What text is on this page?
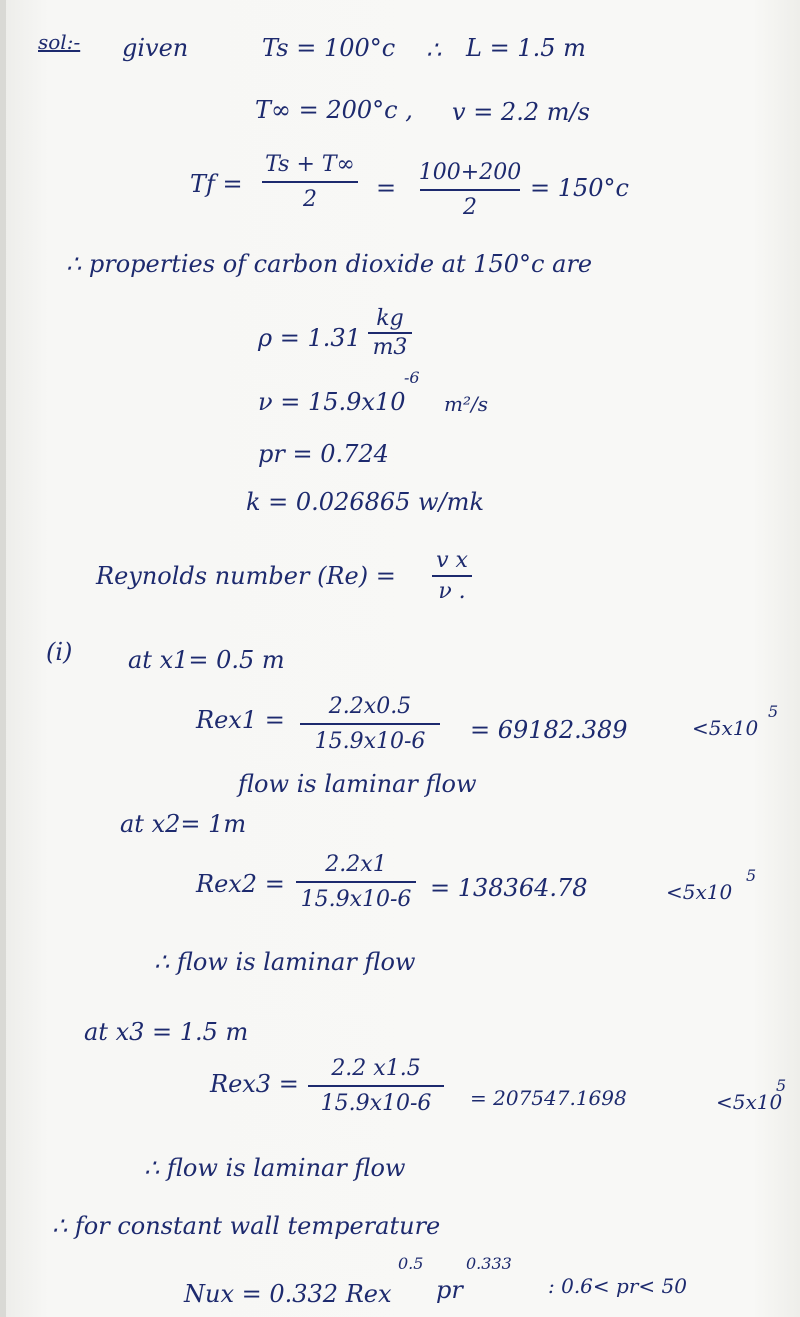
sol:- given	Ts = 100°c ∴ L = 1.5 m
T∞ = 200°c , v = 2.2 m/s
Tf =
Ts + T∞
2 =
100+200
2
= 150°c
∴ properties of carbon dioxide at 150°c are
ρ = 1.31
kg
m3
ν = 15.9x10
-6
m²/s
pr = 0.724
k = 0.026865 w/mk
Reynolds number (Re) =
v x
ν .
(i) at x1= 0.5 m
Rex1 = 2.2x0.5
15.9x10-6 = 69182.389	<5x10
5
flow is laminar flow
at x2= 1m
Rex2 =
2.2x1
15.9x10-6 = 138364.78	<5x10
5
∴ flow is laminar flow
at x3 = 1.5 m
Rex3 =
2.2 x1.5
15.9x10-6 = 207547.1698	<5x10
5
∴ flow is laminar flow
∴ for constant wall temperature
Nux = 0.332 Rex
0.5
pr
0.333
: 0.6< pr< 50
